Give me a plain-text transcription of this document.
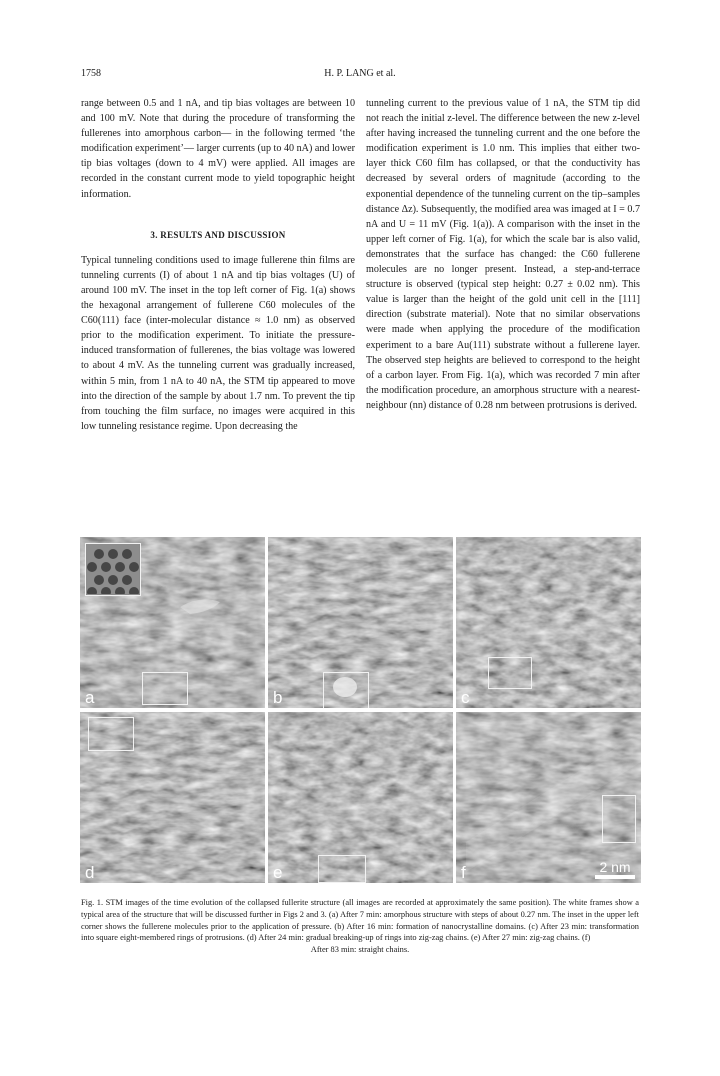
1758	H. P. LANG et al.

range between 0.5 and 1 nA, and tip bias voltages are between 10 and 100 mV. Note that during the procedure of transforming the fullerenes into amorphous carbon— in the following termed ‘the modification experiment’— larger currents (up to 40 nA) and lower tip bias voltages (down to 4 mV) were applied. All images are recorded in the constant current mode to yield topographic height information.

3. RESULTS AND DISCUSSION

Typical tunneling conditions used to image fullerene thin films are tunneling currents (I) of about 1 nA and tip bias voltages (U) of around 100 mV. The inset in the top left corner of Fig. 1(a) shows the hexagonal arrangement of fullerene C60 molecules of the C60(111) face (inter-molecular distance ≈ 1.0 nm) as observed prior to the modification experiment. To initiate the pressure-induced transformation of fullerenes, the bias voltage was lowered to about 4 mV. As the tunneling current was gradually increased, within 5 min, from 1 nA to 40 nA, the STM tip appeared to move into the direction of the sample by about 1.7 nm. To prevent the tip from touching the film surface, no images were acquired in this low tunneling resistance regime. Upon decreasing the

tunneling current to the previous value of 1 nA, the STM tip did not reach the initial z-level. The difference between the new z-level after having increased the tunneling current and the one before the modification experiment is 1.0 nm. This implies that either two-layer thick C60 film has collapsed, or that the conductivity has decreased by several orders of magnitude (according to the exponential dependence of the tunneling current on the tip–samples distance Δz). Subsequently, the modified area was imaged at I = 0.7 nA and U = 11 mV (Fig. 1(a)). A comparison with the inset in the upper left corner of Fig. 1(a), for which the scale bar is also valid, demonstrates that the surface has changed: the C60 fullerene molecules are no longer present. Instead, a step-and-terrace structure is observed (typical step height: 0.27 ± 0.02 nm). This value is larger than the height of the gold unit cell in the [111] direction (substrate material). Note that no similar observations were made when applying the procedure of the modification experiment to a bare Au(111) substrate without a fullerene layer. The observed step heights are believed to correspond to the height of a carbon layer. From Fig. 1(a), which was recorded 7 min after the modification procedure, an amorphous structure with a nearest-neighbour (nn) distance of 0.28 nm between protrusions is derived.

a	b	c
d	e	f	2 nm
Fig. 1. STM images of the time evolution of the collapsed fullerite structure (all images are recorded at approximately the same position). The white frames show a typical area of the structure that will be discussed further in Figs 2 and 3. (a) After 7 min: amorphous structure with steps of about 0.27 nm. The inset in the upper left corner shows the fullerene molecules prior to the application of pressure. (b) After 16 min: formation of nanocrystalline domains. (c) After 23 min: transformation into square eight-membered rings of protrusions. (d) After 24 min: gradual breaking-up of rings into zig-zag chains. (e) After 27 min: zig-zag chains. (f)
After 83 min: straight chains.
